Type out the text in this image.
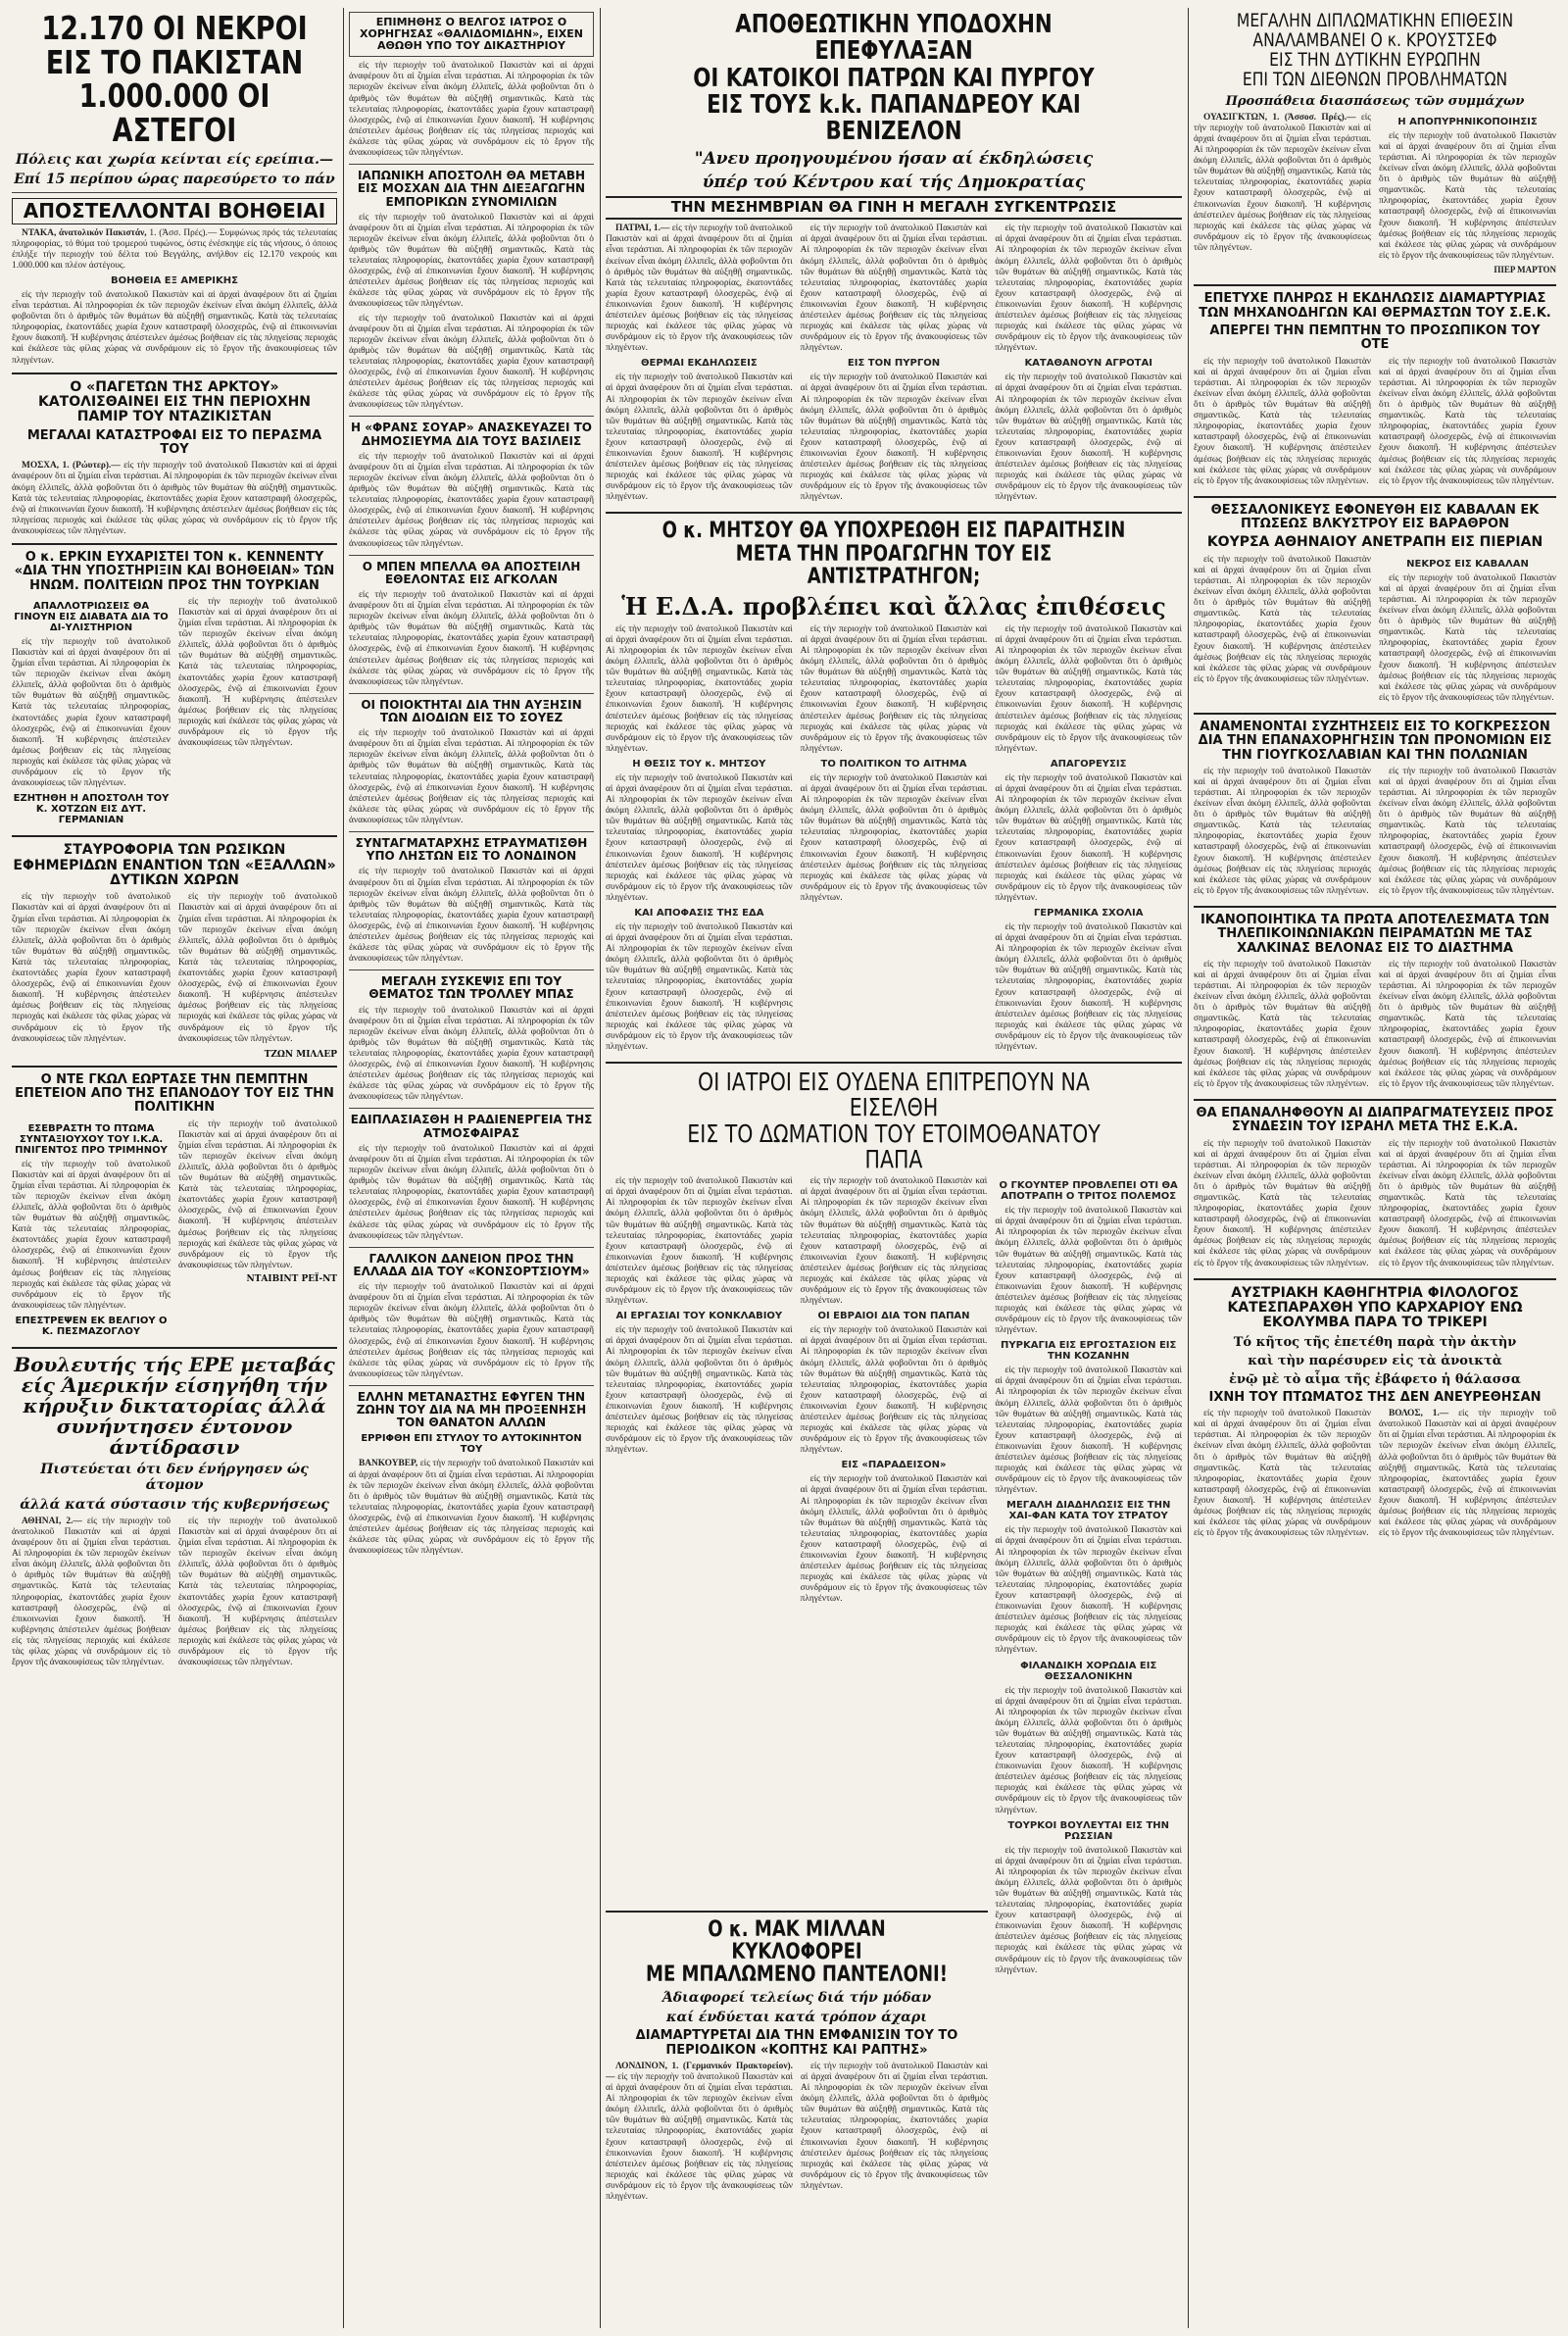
12.170 ΟΙ ΝΕΚΡΟΙ
ΕΙΣ ΤΟ ΠΑΚΙΣΤΑΝ
1.000.000 ΟΙ ΑΣΤΕΓΟΙ
Πόλεις και χωρία κείνται είς ερείπια.—
Επί 15 περίπου ώρας παρεσύρετο το πάν
ΑΠΟΣΤΕΛΛΟΝΤΑΙ ΒΟΗΘΕΙΑΙ

ΝΤΑΚΑ, άνατολικόν Πακιστάν, 1. (Άσσ. Πρές).— Συμφώνως πρός τάς τελευταίας πληροφορίας, τό θύμα τού τρομερού τυφώνος, όστις ένέσκηψε είς τάς νήσους, ό όποιος έπλήξε τήν περιοχήν τού δέλτα τού Βεγγάλης, ανήλθον είς 12.170 νεκρούς και 1.000.000 και πλέον άστέγους.

ΒΟΗΘΕΙΑ ΕΞ ΑΜΕΡΙΚΗΣ

εἰς τὴν περιοχὴν τοῦ ἀνατολικοῦ Πακιστὰν καὶ αἱ ἀρχαὶ ἀναφέρουν ὅτι αἱ ζημίαι εἶναι τεράστιαι. Αἱ πληροφορίαι ἐκ τῶν περιοχῶν ἐκείνων εἶναι ἀκόμη ἐλλιπεῖς, ἀλλὰ φοβοῦνται ὅτι ὁ ἀριθμὸς τῶν θυμάτων θὰ αὐξηθῇ σημαντικῶς. Κατὰ τὰς τελευταίας πληροφορίας, ἑκατοντάδες χωρία ἔχουν καταστραφῆ ὁλοσχερῶς, ἐνῷ αἱ ἐπικοινωνίαι ἔχουν διακοπῆ. Ἡ κυβέρνησις ἀπέστειλεν ἀμέσως βοήθειαν εἰς τὰς πληγείσας περιοχάς καὶ ἐκάλεσε τὰς φίλας χώρας νὰ συνδράμουν εἰς τὸ ἔργον τῆς ἀνακουφίσεως τῶν πληγέντων.

Ο «ΠΑΓΕΤΩΝ ΤΗΣ ΑΡΚΤΟΥ» ΚΑΤΟΛΙΣΘΑΙΝΕΙ ΕΙΣ ΤΗΝ ΠΕΡΙΟΧΗΝ ΠΑΜΙΡ ΤΟΥ ΝΤΑΖΙΚΙΣΤΑΝ
ΜΕΓΑΛΑΙ ΚΑΤΑΣΤΡΟΦΑΙ ΕΙΣ ΤΟ ΠΕΡΑΣΜΑ ΤΟΥ

ΜΟΣΧΑ, 1. (Ρώυτερ).— εἰς τὴν περιοχὴν τοῦ ἀνατολικοῦ Πακιστὰν καὶ αἱ ἀρχαὶ ἀναφέρουν ὅτι αἱ ζημίαι εἶναι τεράστιαι. Αἱ πληροφορίαι ἐκ τῶν περιοχῶν ἐκείνων εἶναι ἀκόμη ἐλλιπεῖς, ἀλλὰ φοβοῦνται ὅτι ὁ ἀριθμὸς τῶν θυμάτων θὰ αὐξηθῇ σημαντικῶς. Κατὰ τὰς τελευταίας πληροφορίας, ἑκατοντάδες χωρία ἔχουν καταστραφῆ ὁλοσχερῶς, ἐνῷ αἱ ἐπικοινωνίαι ἔχουν διακοπῆ. Ἡ κυβέρνησις ἀπέστειλεν ἀμέσως βοήθειαν εἰς τὰς πληγείσας περιοχάς καὶ ἐκάλεσε τὰς φίλας χώρας νὰ συνδράμουν εἰς τὸ ἔργον τῆς ἀνακουφίσεως τῶν πληγέντων.

Ο κ. ΕΡΚΙΝ ΕΥΧΑΡΙΣΤΕΙ ΤΟΝ κ. ΚΕΝΝΕΝΤΥ «ΔΙΑ ΤΗΝ ΥΠΟΣΤΗΡΙΞΙΝ ΚΑΙ ΒΟΗΘΕΙΑΝ» ΤΩΝ ΗΝΩΜ. ΠΟΛΙΤΕΙΩΝ ΠΡΟΣ ΤΗΝ ΤΟΥΡΚΙΑΝ
ΑΠΑΛΛΟΤΡΙΩΣΕΙΣ ΘΑ ΓΙΝΟΥΝ ΕΙΣ ΔΙΑΒΑΤΑ ΔΙΑ ΤΟ ΔΙ-ΥΛΙΣΤΗΡΙΟΝ

εἰς τὴν περιοχὴν τοῦ ἀνατολικοῦ Πακιστὰν καὶ αἱ ἀρχαὶ ἀναφέρουν ὅτι αἱ ζημίαι εἶναι τεράστιαι. Αἱ πληροφορίαι ἐκ τῶν περιοχῶν ἐκείνων εἶναι ἀκόμη ἐλλιπεῖς, ἀλλὰ φοβοῦνται ὅτι ὁ ἀριθμὸς τῶν θυμάτων θὰ αὐξηθῇ σημαντικῶς. Κατὰ τὰς τελευταίας πληροφορίας, ἑκατοντάδες χωρία ἔχουν καταστραφῆ ὁλοσχερῶς, ἐνῷ αἱ ἐπικοινωνίαι ἔχουν διακοπῆ. Ἡ κυβέρνησις ἀπέστειλεν ἀμέσως βοήθειαν εἰς τὰς πληγείσας περιοχάς καὶ ἐκάλεσε τὰς φίλας χώρας νὰ συνδράμουν εἰς τὸ ἔργον τῆς ἀνακουφίσεως τῶν πληγέντων.

ΕΖΗΤΗΘΗ Η ΑΠΟΣΤΟΛΗ ΤΟΥ Κ. ΧΟΤΖΩΝ ΕΙΣ ΔΥΤ. ΓΕΡΜΑΝΙΑΝ

εἰς τὴν περιοχὴν τοῦ ἀνατολικοῦ Πακιστὰν καὶ αἱ ἀρχαὶ ἀναφέρουν ὅτι αἱ ζημίαι εἶναι τεράστιαι. Αἱ πληροφορίαι ἐκ τῶν περιοχῶν ἐκείνων εἶναι ἀκόμη ἐλλιπεῖς, ἀλλὰ φοβοῦνται ὅτι ὁ ἀριθμὸς τῶν θυμάτων θὰ αὐξηθῇ σημαντικῶς. Κατὰ τὰς τελευταίας πληροφορίας, ἑκατοντάδες χωρία ἔχουν καταστραφῆ ὁλοσχερῶς, ἐνῷ αἱ ἐπικοινωνίαι ἔχουν διακοπῆ. Ἡ κυβέρνησις ἀπέστειλεν ἀμέσως βοήθειαν εἰς τὰς πληγείσας περιοχάς καὶ ἐκάλεσε τὰς φίλας χώρας νὰ συνδράμουν εἰς τὸ ἔργον τῆς ἀνακουφίσεως τῶν πληγέντων.

ΣΤΑΥΡΟΦΟΡΙΑ ΤΩΝ ΡΩΣΙΚΩΝ ΕΦΗΜΕΡΙΔΩΝ ΕΝΑΝΤΙΟΝ ΤΩΝ «ΕΞΑΛΛΩΝ» ΔΥΤΙΚΩΝ ΧΩΡΩΝ

εἰς τὴν περιοχὴν τοῦ ἀνατολικοῦ Πακιστὰν καὶ αἱ ἀρχαὶ ἀναφέρουν ὅτι αἱ ζημίαι εἶναι τεράστιαι. Αἱ πληροφορίαι ἐκ τῶν περιοχῶν ἐκείνων εἶναι ἀκόμη ἐλλιπεῖς, ἀλλὰ φοβοῦνται ὅτι ὁ ἀριθμὸς τῶν θυμάτων θὰ αὐξηθῇ σημαντικῶς. Κατὰ τὰς τελευταίας πληροφορίας, ἑκατοντάδες χωρία ἔχουν καταστραφῆ ὁλοσχερῶς, ἐνῷ αἱ ἐπικοινωνίαι ἔχουν διακοπῆ. Ἡ κυβέρνησις ἀπέστειλεν ἀμέσως βοήθειαν εἰς τὰς πληγείσας περιοχάς καὶ ἐκάλεσε τὰς φίλας χώρας νὰ συνδράμουν εἰς τὸ ἔργον τῆς ἀνακουφίσεως τῶν πληγέντων.

εἰς τὴν περιοχὴν τοῦ ἀνατολικοῦ Πακιστὰν καὶ αἱ ἀρχαὶ ἀναφέρουν ὅτι αἱ ζημίαι εἶναι τεράστιαι. Αἱ πληροφορίαι ἐκ τῶν περιοχῶν ἐκείνων εἶναι ἀκόμη ἐλλιπεῖς, ἀλλὰ φοβοῦνται ὅτι ὁ ἀριθμὸς τῶν θυμάτων θὰ αὐξηθῇ σημαντικῶς. Κατὰ τὰς τελευταίας πληροφορίας, ἑκατοντάδες χωρία ἔχουν καταστραφῆ ὁλοσχερῶς, ἐνῷ αἱ ἐπικοινωνίαι ἔχουν διακοπῆ. Ἡ κυβέρνησις ἀπέστειλεν ἀμέσως βοήθειαν εἰς τὰς πληγείσας περιοχάς καὶ ἐκάλεσε τὰς φίλας χώρας νὰ συνδράμουν εἰς τὸ ἔργον τῆς ἀνακουφίσεως τῶν πληγέντων.

ΤΖΩΝ ΜΙΛΛΕΡ
Ο ΝΤΕ ΓΚΩΛ ΕΩΡΤΑΣΕ ΤΗΝ ΠΕΜΠΤΗΝ ΕΠΕΤΕΙΟΝ ΑΠΟ ΤΗΣ ΕΠΑΝΟΔΟΥ ΤΟΥ ΕΙΣ ΤΗΝ ΠΟΛΙΤΙΚΗΝ
ΕΣΕΒΡΑΣΤΗ ΤΟ ΠΤΩΜΑ ΣΥΝΤΑΞΙΟΥΧΟΥ ΤΟΥ Ι.Κ.Α. ΠΝΙΓΕΝΤΟΣ ΠΡΟ ΤΡΙΜΗΝΟΥ

εἰς τὴν περιοχὴν τοῦ ἀνατολικοῦ Πακιστὰν καὶ αἱ ἀρχαὶ ἀναφέρουν ὅτι αἱ ζημίαι εἶναι τεράστιαι. Αἱ πληροφορίαι ἐκ τῶν περιοχῶν ἐκείνων εἶναι ἀκόμη ἐλλιπεῖς, ἀλλὰ φοβοῦνται ὅτι ὁ ἀριθμὸς τῶν θυμάτων θὰ αὐξηθῇ σημαντικῶς. Κατὰ τὰς τελευταίας πληροφορίας, ἑκατοντάδες χωρία ἔχουν καταστραφῆ ὁλοσχερῶς, ἐνῷ αἱ ἐπικοινωνίαι ἔχουν διακοπῆ. Ἡ κυβέρνησις ἀπέστειλεν ἀμέσως βοήθειαν εἰς τὰς πληγείσας περιοχάς καὶ ἐκάλεσε τὰς φίλας χώρας νὰ συνδράμουν εἰς τὸ ἔργον τῆς ἀνακουφίσεως τῶν πληγέντων.

ΕΠΕΣΤΡΕΨΕΝ ΕΚ ΒΕΛΓΙΟΥ Ο Κ. ΠΕΣΜΑΖΟΓΛΟΥ

εἰς τὴν περιοχὴν τοῦ ἀνατολικοῦ Πακιστὰν καὶ αἱ ἀρχαὶ ἀναφέρουν ὅτι αἱ ζημίαι εἶναι τεράστιαι. Αἱ πληροφορίαι ἐκ τῶν περιοχῶν ἐκείνων εἶναι ἀκόμη ἐλλιπεῖς, ἀλλὰ φοβοῦνται ὅτι ὁ ἀριθμὸς τῶν θυμάτων θὰ αὐξηθῇ σημαντικῶς. Κατὰ τὰς τελευταίας πληροφορίας, ἑκατοντάδες χωρία ἔχουν καταστραφῆ ὁλοσχερῶς, ἐνῷ αἱ ἐπικοινωνίαι ἔχουν διακοπῆ. Ἡ κυβέρνησις ἀπέστειλεν ἀμέσως βοήθειαν εἰς τὰς πληγείσας περιοχάς καὶ ἐκάλεσε τὰς φίλας χώρας νὰ συνδράμουν εἰς τὸ ἔργον τῆς ἀνακουφίσεως τῶν πληγέντων.

ΝΤΑΙΒΙΝΤ ΡΕΪ-ΝΤ
Βουλευτής τής ΕΡΕ μεταβάς είς Άμερικήν είσηγήθη τήν κήρυξιν δικτατορίας άλλά συνήντησεν έντονον άντίδρασιν
Πιστεύεται ότι δεν ένήργησεν ώς άτομον
άλλά κατά σύστασιν τής κυβερνήσεως

ΑΘΗΝΑΙ, 2.— εἰς τὴν περιοχὴν τοῦ ἀνατολικοῦ Πακιστὰν καὶ αἱ ἀρχαὶ ἀναφέρουν ὅτι αἱ ζημίαι εἶναι τεράστιαι. Αἱ πληροφορίαι ἐκ τῶν περιοχῶν ἐκείνων εἶναι ἀκόμη ἐλλιπεῖς, ἀλλὰ φοβοῦνται ὅτι ὁ ἀριθμὸς τῶν θυμάτων θὰ αὐξηθῇ σημαντικῶς. Κατὰ τὰς τελευταίας πληροφορίας, ἑκατοντάδες χωρία ἔχουν καταστραφῆ ὁλοσχερῶς, ἐνῷ αἱ ἐπικοινωνίαι ἔχουν διακοπῆ. Ἡ κυβέρνησις ἀπέστειλεν ἀμέσως βοήθειαν εἰς τὰς πληγείσας περιοχάς καὶ ἐκάλεσε τὰς φίλας χώρας νὰ συνδράμουν εἰς τὸ ἔργον τῆς ἀνακουφίσεως τῶν πληγέντων.

εἰς τὴν περιοχὴν τοῦ ἀνατολικοῦ Πακιστὰν καὶ αἱ ἀρχαὶ ἀναφέρουν ὅτι αἱ ζημίαι εἶναι τεράστιαι. Αἱ πληροφορίαι ἐκ τῶν περιοχῶν ἐκείνων εἶναι ἀκόμη ἐλλιπεῖς, ἀλλὰ φοβοῦνται ὅτι ὁ ἀριθμὸς τῶν θυμάτων θὰ αὐξηθῇ σημαντικῶς. Κατὰ τὰς τελευταίας πληροφορίας, ἑκατοντάδες χωρία ἔχουν καταστραφῆ ὁλοσχερῶς, ἐνῷ αἱ ἐπικοινωνίαι ἔχουν διακοπῆ. Ἡ κυβέρνησις ἀπέστειλεν ἀμέσως βοήθειαν εἰς τὰς πληγείσας περιοχάς καὶ ἐκάλεσε τὰς φίλας χώρας νὰ συνδράμουν εἰς τὸ ἔργον τῆς ἀνακουφίσεως τῶν πληγέντων.

ΕΠΙΜΗΘΗΣ Ο ΒΕΛΓΟΣ ΙΑΤΡΟΣ Ο ΧΟΡΗΓΗΣΑΣ «ΘΑΛΙΔΟΜΙΔΗΝ», ΕΙΧΕΝ ΑΘΩΘΗ ΥΠΟ ΤΟΥ ΔΙΚΑΣΤΗΡΙΟΥ

εἰς τὴν περιοχὴν τοῦ ἀνατολικοῦ Πακιστὰν καὶ αἱ ἀρχαὶ ἀναφέρουν ὅτι αἱ ζημίαι εἶναι τεράστιαι. Αἱ πληροφορίαι ἐκ τῶν περιοχῶν ἐκείνων εἶναι ἀκόμη ἐλλιπεῖς, ἀλλὰ φοβοῦνται ὅτι ὁ ἀριθμὸς τῶν θυμάτων θὰ αὐξηθῇ σημαντικῶς. Κατὰ τὰς τελευταίας πληροφορίας, ἑκατοντάδες χωρία ἔχουν καταστραφῆ ὁλοσχερῶς, ἐνῷ αἱ ἐπικοινωνίαι ἔχουν διακοπῆ. Ἡ κυβέρνησις ἀπέστειλεν ἀμέσως βοήθειαν εἰς τὰς πληγείσας περιοχάς καὶ ἐκάλεσε τὰς φίλας χώρας νὰ συνδράμουν εἰς τὸ ἔργον τῆς ἀνακουφίσεως τῶν πληγέντων.

ΙΑΠΩΝΙΚΗ ΑΠΟΣΤΟΛΗ ΘΑ ΜΕΤΑΒΗ ΕΙΣ ΜΟΣΧΑΝ ΔΙΑ ΤΗΝ ΔΙΕΞΑΓΩΓΗΝ ΕΜΠΟΡΙΚΩΝ ΣΥΝΟΜΙΛΙΩΝ

εἰς τὴν περιοχὴν τοῦ ἀνατολικοῦ Πακιστὰν καὶ αἱ ἀρχαὶ ἀναφέρουν ὅτι αἱ ζημίαι εἶναι τεράστιαι. Αἱ πληροφορίαι ἐκ τῶν περιοχῶν ἐκείνων εἶναι ἀκόμη ἐλλιπεῖς, ἀλλὰ φοβοῦνται ὅτι ὁ ἀριθμὸς τῶν θυμάτων θὰ αὐξηθῇ σημαντικῶς. Κατὰ τὰς τελευταίας πληροφορίας, ἑκατοντάδες χωρία ἔχουν καταστραφῆ ὁλοσχερῶς, ἐνῷ αἱ ἐπικοινωνίαι ἔχουν διακοπῆ. Ἡ κυβέρνησις ἀπέστειλεν ἀμέσως βοήθειαν εἰς τὰς πληγείσας περιοχάς καὶ ἐκάλεσε τὰς φίλας χώρας νὰ συνδράμουν εἰς τὸ ἔργον τῆς ἀνακουφίσεως τῶν πληγέντων.

εἰς τὴν περιοχὴν τοῦ ἀνατολικοῦ Πακιστὰν καὶ αἱ ἀρχαὶ ἀναφέρουν ὅτι αἱ ζημίαι εἶναι τεράστιαι. Αἱ πληροφορίαι ἐκ τῶν περιοχῶν ἐκείνων εἶναι ἀκόμη ἐλλιπεῖς, ἀλλὰ φοβοῦνται ὅτι ὁ ἀριθμὸς τῶν θυμάτων θὰ αὐξηθῇ σημαντικῶς. Κατὰ τὰς τελευταίας πληροφορίας, ἑκατοντάδες χωρία ἔχουν καταστραφῆ ὁλοσχερῶς, ἐνῷ αἱ ἐπικοινωνίαι ἔχουν διακοπῆ. Ἡ κυβέρνησις ἀπέστειλεν ἀμέσως βοήθειαν εἰς τὰς πληγείσας περιοχάς καὶ ἐκάλεσε τὰς φίλας χώρας νὰ συνδράμουν εἰς τὸ ἔργον τῆς ἀνακουφίσεως τῶν πληγέντων.

Η «ΦΡΑΝΣ ΣΟΥΑΡ» ΑΝΑΣΚΕΥΑΖΕΙ ΤΟ ΔΗΜΟΣΙΕΥΜΑ ΔΙΑ ΤΟΥΣ ΒΑΣΙΛΕΙΣ

εἰς τὴν περιοχὴν τοῦ ἀνατολικοῦ Πακιστὰν καὶ αἱ ἀρχαὶ ἀναφέρουν ὅτι αἱ ζημίαι εἶναι τεράστιαι. Αἱ πληροφορίαι ἐκ τῶν περιοχῶν ἐκείνων εἶναι ἀκόμη ἐλλιπεῖς, ἀλλὰ φοβοῦνται ὅτι ὁ ἀριθμὸς τῶν θυμάτων θὰ αὐξηθῇ σημαντικῶς. Κατὰ τὰς τελευταίας πληροφορίας, ἑκατοντάδες χωρία ἔχουν καταστραφῆ ὁλοσχερῶς, ἐνῷ αἱ ἐπικοινωνίαι ἔχουν διακοπῆ. Ἡ κυβέρνησις ἀπέστειλεν ἀμέσως βοήθειαν εἰς τὰς πληγείσας περιοχάς καὶ ἐκάλεσε τὰς φίλας χώρας νὰ συνδράμουν εἰς τὸ ἔργον τῆς ἀνακουφίσεως τῶν πληγέντων.

Ο ΜΠΕΝ ΜΠΕΛΛΑ ΘΑ ΑΠΟΣΤΕΙΛΗ ΕΘΕΛΟΝΤΑΣ ΕΙΣ ΑΓΚΟΛΑΝ

εἰς τὴν περιοχὴν τοῦ ἀνατολικοῦ Πακιστὰν καὶ αἱ ἀρχαὶ ἀναφέρουν ὅτι αἱ ζημίαι εἶναι τεράστιαι. Αἱ πληροφορίαι ἐκ τῶν περιοχῶν ἐκείνων εἶναι ἀκόμη ἐλλιπεῖς, ἀλλὰ φοβοῦνται ὅτι ὁ ἀριθμὸς τῶν θυμάτων θὰ αὐξηθῇ σημαντικῶς. Κατὰ τὰς τελευταίας πληροφορίας, ἑκατοντάδες χωρία ἔχουν καταστραφῆ ὁλοσχερῶς, ἐνῷ αἱ ἐπικοινωνίαι ἔχουν διακοπῆ. Ἡ κυβέρνησις ἀπέστειλεν ἀμέσως βοήθειαν εἰς τὰς πληγείσας περιοχάς καὶ ἐκάλεσε τὰς φίλας χώρας νὰ συνδράμουν εἰς τὸ ἔργον τῆς ἀνακουφίσεως τῶν πληγέντων.

ΟΙ ΠΟΙΟΚΤΗΤΑΙ ΔΙΑ ΤΗΝ ΑΥΞΗΣΙΝ ΤΩΝ ΔΙΟΔΙΩΝ ΕΙΣ ΤΟ ΣΟΥΕΖ

εἰς τὴν περιοχὴν τοῦ ἀνατολικοῦ Πακιστὰν καὶ αἱ ἀρχαὶ ἀναφέρουν ὅτι αἱ ζημίαι εἶναι τεράστιαι. Αἱ πληροφορίαι ἐκ τῶν περιοχῶν ἐκείνων εἶναι ἀκόμη ἐλλιπεῖς, ἀλλὰ φοβοῦνται ὅτι ὁ ἀριθμὸς τῶν θυμάτων θὰ αὐξηθῇ σημαντικῶς. Κατὰ τὰς τελευταίας πληροφορίας, ἑκατοντάδες χωρία ἔχουν καταστραφῆ ὁλοσχερῶς, ἐνῷ αἱ ἐπικοινωνίαι ἔχουν διακοπῆ. Ἡ κυβέρνησις ἀπέστειλεν ἀμέσως βοήθειαν εἰς τὰς πληγείσας περιοχάς καὶ ἐκάλεσε τὰς φίλας χώρας νὰ συνδράμουν εἰς τὸ ἔργον τῆς ἀνακουφίσεως τῶν πληγέντων.

ΣΥΝΤΑΓΜΑΤΑΡΧΗΣ ΕΤΡΑΥΜΑΤΙΣΘΗ ΥΠΟ ΛΗΣΤΩΝ ΕΙΣ ΤΟ ΛΟΝΔΙΝΟΝ

εἰς τὴν περιοχὴν τοῦ ἀνατολικοῦ Πακιστὰν καὶ αἱ ἀρχαὶ ἀναφέρουν ὅτι αἱ ζημίαι εἶναι τεράστιαι. Αἱ πληροφορίαι ἐκ τῶν περιοχῶν ἐκείνων εἶναι ἀκόμη ἐλλιπεῖς, ἀλλὰ φοβοῦνται ὅτι ὁ ἀριθμὸς τῶν θυμάτων θὰ αὐξηθῇ σημαντικῶς. Κατὰ τὰς τελευταίας πληροφορίας, ἑκατοντάδες χωρία ἔχουν καταστραφῆ ὁλοσχερῶς, ἐνῷ αἱ ἐπικοινωνίαι ἔχουν διακοπῆ. Ἡ κυβέρνησις ἀπέστειλεν ἀμέσως βοήθειαν εἰς τὰς πληγείσας περιοχάς καὶ ἐκάλεσε τὰς φίλας χώρας νὰ συνδράμουν εἰς τὸ ἔργον τῆς ἀνακουφίσεως τῶν πληγέντων.

ΜΕΓΑΛΗ ΣΥΣΚΕΨΙΣ ΕΠΙ ΤΟΥ ΘΕΜΑΤΟΣ ΤΩΝ ΤΡΟΛΛΕΥ ΜΠΑΣ

εἰς τὴν περιοχὴν τοῦ ἀνατολικοῦ Πακιστὰν καὶ αἱ ἀρχαὶ ἀναφέρουν ὅτι αἱ ζημίαι εἶναι τεράστιαι. Αἱ πληροφορίαι ἐκ τῶν περιοχῶν ἐκείνων εἶναι ἀκόμη ἐλλιπεῖς, ἀλλὰ φοβοῦνται ὅτι ὁ ἀριθμὸς τῶν θυμάτων θὰ αὐξηθῇ σημαντικῶς. Κατὰ τὰς τελευταίας πληροφορίας, ἑκατοντάδες χωρία ἔχουν καταστραφῆ ὁλοσχερῶς, ἐνῷ αἱ ἐπικοινωνίαι ἔχουν διακοπῆ. Ἡ κυβέρνησις ἀπέστειλεν ἀμέσως βοήθειαν εἰς τὰς πληγείσας περιοχάς καὶ ἐκάλεσε τὰς φίλας χώρας νὰ συνδράμουν εἰς τὸ ἔργον τῆς ἀνακουφίσεως τῶν πληγέντων.

ΕΔΙΠΛΑΣΙΑΣΘΗ Η ΡΑΔΙΕΝΕΡΓΕΙΑ ΤΗΣ ΑΤΜΟΣΦΑΙΡΑΣ

εἰς τὴν περιοχὴν τοῦ ἀνατολικοῦ Πακιστὰν καὶ αἱ ἀρχαὶ ἀναφέρουν ὅτι αἱ ζημίαι εἶναι τεράστιαι. Αἱ πληροφορίαι ἐκ τῶν περιοχῶν ἐκείνων εἶναι ἀκόμη ἐλλιπεῖς, ἀλλὰ φοβοῦνται ὅτι ὁ ἀριθμὸς τῶν θυμάτων θὰ αὐξηθῇ σημαντικῶς. Κατὰ τὰς τελευταίας πληροφορίας, ἑκατοντάδες χωρία ἔχουν καταστραφῆ ὁλοσχερῶς, ἐνῷ αἱ ἐπικοινωνίαι ἔχουν διακοπῆ. Ἡ κυβέρνησις ἀπέστειλεν ἀμέσως βοήθειαν εἰς τὰς πληγείσας περιοχάς καὶ ἐκάλεσε τὰς φίλας χώρας νὰ συνδράμουν εἰς τὸ ἔργον τῆς ἀνακουφίσεως τῶν πληγέντων.

ΓΑΛΛΙΚΟΝ ΔΑΝΕΙΟΝ ΠΡΟΣ ΤΗΝ ΕΛΛΑΔΑ ΔΙΑ ΤΟΥ «ΚΟΝΣΟΡΤΣΙΟΥΜ»

εἰς τὴν περιοχὴν τοῦ ἀνατολικοῦ Πακιστὰν καὶ αἱ ἀρχαὶ ἀναφέρουν ὅτι αἱ ζημίαι εἶναι τεράστιαι. Αἱ πληροφορίαι ἐκ τῶν περιοχῶν ἐκείνων εἶναι ἀκόμη ἐλλιπεῖς, ἀλλὰ φοβοῦνται ὅτι ὁ ἀριθμὸς τῶν θυμάτων θὰ αὐξηθῇ σημαντικῶς. Κατὰ τὰς τελευταίας πληροφορίας, ἑκατοντάδες χωρία ἔχουν καταστραφῆ ὁλοσχερῶς, ἐνῷ αἱ ἐπικοινωνίαι ἔχουν διακοπῆ. Ἡ κυβέρνησις ἀπέστειλεν ἀμέσως βοήθειαν εἰς τὰς πληγείσας περιοχάς καὶ ἐκάλεσε τὰς φίλας χώρας νὰ συνδράμουν εἰς τὸ ἔργον τῆς ἀνακουφίσεως τῶν πληγέντων.

ΕΛΛΗΝ ΜΕΤΑΝΑΣΤΗΣ ΕΦΥΓΕΝ ΤΗΝ ΖΩΗΝ ΤΟΥ ΔΙΑ ΝΑ ΜΗ ΠΡΟΞΕΝΗΣΗ ΤΟΝ ΘΑΝΑΤΟΝ ΑΛΛΩΝ
ΕΡΡΙΦΘΗ ΕΠΙ ΣΤΥΛΟΥ ΤΟ ΑΥΤΟΚΙΝΗΤΟΝ ΤΟΥ

ΒΑΝΚΟΥΒΕΡ, εἰς τὴν περιοχὴν τοῦ ἀνατολικοῦ Πακιστὰν καὶ αἱ ἀρχαὶ ἀναφέρουν ὅτι αἱ ζημίαι εἶναι τεράστιαι. Αἱ πληροφορίαι ἐκ τῶν περιοχῶν ἐκείνων εἶναι ἀκόμη ἐλλιπεῖς, ἀλλὰ φοβοῦνται ὅτι ὁ ἀριθμὸς τῶν θυμάτων θὰ αὐξηθῇ σημαντικῶς. Κατὰ τὰς τελευταίας πληροφορίας, ἑκατοντάδες χωρία ἔχουν καταστραφῆ ὁλοσχερῶς, ἐνῷ αἱ ἐπικοινωνίαι ἔχουν διακοπῆ. Ἡ κυβέρνησις ἀπέστειλεν ἀμέσως βοήθειαν εἰς τὰς πληγείσας περιοχάς καὶ ἐκάλεσε τὰς φίλας χώρας νὰ συνδράμουν εἰς τὸ ἔργον τῆς ἀνακουφίσεως τῶν πληγέντων.

ΑΠΟΘΕΩΤΙΚΗΝ ΥΠΟΔΟΧΗΝ ΕΠΕΦΥΛΑΞΑΝ
ΟΙ ΚΑΤΟΙΚΟΙ ΠΑΤΡΩΝ ΚΑΙ ΠΥΡΓΟΥ
ΕΙΣ ΤΟΥΣ k.k. ΠΑΠΑΝΔΡΕΟΥ ΚΑΙ ΒΕΝΙΖΕΛΟΝ
"Ανευ προηγουμένου ήσαν αί έκδηλώσεις
ύπέρ τού Κέντρου καί τής Δημοκρατίας
ΤΗΝ ΜΕΣΗΜΒΡΙΑΝ ΘΑ ΓΙΝΗ Η ΜΕΓΑΛΗ ΣΥΓΚΕΝΤΡΩΣΙΣ

ΠΑΤΡΑΙ, 1.— εἰς τὴν περιοχὴν τοῦ ἀνατολικοῦ Πακιστὰν καὶ αἱ ἀρχαὶ ἀναφέρουν ὅτι αἱ ζημίαι εἶναι τεράστιαι. Αἱ πληροφορίαι ἐκ τῶν περιοχῶν ἐκείνων εἶναι ἀκόμη ἐλλιπεῖς, ἀλλὰ φοβοῦνται ὅτι ὁ ἀριθμὸς τῶν θυμάτων θὰ αὐξηθῇ σημαντικῶς. Κατὰ τὰς τελευταίας πληροφορίας, ἑκατοντάδες χωρία ἔχουν καταστραφῆ ὁλοσχερῶς, ἐνῷ αἱ ἐπικοινωνίαι ἔχουν διακοπῆ. Ἡ κυβέρνησις ἀπέστειλεν ἀμέσως βοήθειαν εἰς τὰς πληγείσας περιοχάς καὶ ἐκάλεσε τὰς φίλας χώρας νὰ συνδράμουν εἰς τὸ ἔργον τῆς ἀνακουφίσεως τῶν πληγέντων.

ΘΕΡΜΑΙ ΕΚΔΗΛΩΣΕΙΣ

εἰς τὴν περιοχὴν τοῦ ἀνατολικοῦ Πακιστὰν καὶ αἱ ἀρχαὶ ἀναφέρουν ὅτι αἱ ζημίαι εἶναι τεράστιαι. Αἱ πληροφορίαι ἐκ τῶν περιοχῶν ἐκείνων εἶναι ἀκόμη ἐλλιπεῖς, ἀλλὰ φοβοῦνται ὅτι ὁ ἀριθμὸς τῶν θυμάτων θὰ αὐξηθῇ σημαντικῶς. Κατὰ τὰς τελευταίας πληροφορίας, ἑκατοντάδες χωρία ἔχουν καταστραφῆ ὁλοσχερῶς, ἐνῷ αἱ ἐπικοινωνίαι ἔχουν διακοπῆ. Ἡ κυβέρνησις ἀπέστειλεν ἀμέσως βοήθειαν εἰς τὰς πληγείσας περιοχάς καὶ ἐκάλεσε τὰς φίλας χώρας νὰ συνδράμουν εἰς τὸ ἔργον τῆς ἀνακουφίσεως τῶν πληγέντων.

εἰς τὴν περιοχὴν τοῦ ἀνατολικοῦ Πακιστὰν καὶ αἱ ἀρχαὶ ἀναφέρουν ὅτι αἱ ζημίαι εἶναι τεράστιαι. Αἱ πληροφορίαι ἐκ τῶν περιοχῶν ἐκείνων εἶναι ἀκόμη ἐλλιπεῖς, ἀλλὰ φοβοῦνται ὅτι ὁ ἀριθμὸς τῶν θυμάτων θὰ αὐξηθῇ σημαντικῶς. Κατὰ τὰς τελευταίας πληροφορίας, ἑκατοντάδες χωρία ἔχουν καταστραφῆ ὁλοσχερῶς, ἐνῷ αἱ ἐπικοινωνίαι ἔχουν διακοπῆ. Ἡ κυβέρνησις ἀπέστειλεν ἀμέσως βοήθειαν εἰς τὰς πληγείσας περιοχάς καὶ ἐκάλεσε τὰς φίλας χώρας νὰ συνδράμουν εἰς τὸ ἔργον τῆς ἀνακουφίσεως τῶν πληγέντων.

ΕΙΣ ΤΟΝ ΠΥΡΓΟΝ

εἰς τὴν περιοχὴν τοῦ ἀνατολικοῦ Πακιστὰν καὶ αἱ ἀρχαὶ ἀναφέρουν ὅτι αἱ ζημίαι εἶναι τεράστιαι. Αἱ πληροφορίαι ἐκ τῶν περιοχῶν ἐκείνων εἶναι ἀκόμη ἐλλιπεῖς, ἀλλὰ φοβοῦνται ὅτι ὁ ἀριθμὸς τῶν θυμάτων θὰ αὐξηθῇ σημαντικῶς. Κατὰ τὰς τελευταίας πληροφορίας, ἑκατοντάδες χωρία ἔχουν καταστραφῆ ὁλοσχερῶς, ἐνῷ αἱ ἐπικοινωνίαι ἔχουν διακοπῆ. Ἡ κυβέρνησις ἀπέστειλεν ἀμέσως βοήθειαν εἰς τὰς πληγείσας περιοχάς καὶ ἐκάλεσε τὰς φίλας χώρας νὰ συνδράμουν εἰς τὸ ἔργον τῆς ἀνακουφίσεως τῶν πληγέντων.

εἰς τὴν περιοχὴν τοῦ ἀνατολικοῦ Πακιστὰν καὶ αἱ ἀρχαὶ ἀναφέρουν ὅτι αἱ ζημίαι εἶναι τεράστιαι. Αἱ πληροφορίαι ἐκ τῶν περιοχῶν ἐκείνων εἶναι ἀκόμη ἐλλιπεῖς, ἀλλὰ φοβοῦνται ὅτι ὁ ἀριθμὸς τῶν θυμάτων θὰ αὐξηθῇ σημαντικῶς. Κατὰ τὰς τελευταίας πληροφορίας, ἑκατοντάδες χωρία ἔχουν καταστραφῆ ὁλοσχερῶς, ἐνῷ αἱ ἐπικοινωνίαι ἔχουν διακοπῆ. Ἡ κυβέρνησις ἀπέστειλεν ἀμέσως βοήθειαν εἰς τὰς πληγείσας περιοχάς καὶ ἐκάλεσε τὰς φίλας χώρας νὰ συνδράμουν εἰς τὸ ἔργον τῆς ἀνακουφίσεως τῶν πληγέντων.

ΚΑΤΑΘΑΝΟΥΝ ΑΓΡΟΤΑΙ

εἰς τὴν περιοχὴν τοῦ ἀνατολικοῦ Πακιστὰν καὶ αἱ ἀρχαὶ ἀναφέρουν ὅτι αἱ ζημίαι εἶναι τεράστιαι. Αἱ πληροφορίαι ἐκ τῶν περιοχῶν ἐκείνων εἶναι ἀκόμη ἐλλιπεῖς, ἀλλὰ φοβοῦνται ὅτι ὁ ἀριθμὸς τῶν θυμάτων θὰ αὐξηθῇ σημαντικῶς. Κατὰ τὰς τελευταίας πληροφορίας, ἑκατοντάδες χωρία ἔχουν καταστραφῆ ὁλοσχερῶς, ἐνῷ αἱ ἐπικοινωνίαι ἔχουν διακοπῆ. Ἡ κυβέρνησις ἀπέστειλεν ἀμέσως βοήθειαν εἰς τὰς πληγείσας περιοχάς καὶ ἐκάλεσε τὰς φίλας χώρας νὰ συνδράμουν εἰς τὸ ἔργον τῆς ἀνακουφίσεως τῶν πληγέντων.

Ο κ. ΜΗΤΣΟΥ ΘΑ ΥΠΟΧΡΕΩΘΗ ΕΙΣ ΠΑΡΑΙΤΗΣΙΝ
ΜΕΤΑ ΤΗΝ ΠΡΟΑΓΩΓΗΝ ΤΟΥ ΕΙΣ ΑΝΤΙΣΤΡΑΤΗΓΟΝ;
Ἡ Ε.Δ.Α. προβλέπει καὶ ἄλλας ἐπιθέσεις

εἰς τὴν περιοχὴν τοῦ ἀνατολικοῦ Πακιστὰν καὶ αἱ ἀρχαὶ ἀναφέρουν ὅτι αἱ ζημίαι εἶναι τεράστιαι. Αἱ πληροφορίαι ἐκ τῶν περιοχῶν ἐκείνων εἶναι ἀκόμη ἐλλιπεῖς, ἀλλὰ φοβοῦνται ὅτι ὁ ἀριθμὸς τῶν θυμάτων θὰ αὐξηθῇ σημαντικῶς. Κατὰ τὰς τελευταίας πληροφορίας, ἑκατοντάδες χωρία ἔχουν καταστραφῆ ὁλοσχερῶς, ἐνῷ αἱ ἐπικοινωνίαι ἔχουν διακοπῆ. Ἡ κυβέρνησις ἀπέστειλεν ἀμέσως βοήθειαν εἰς τὰς πληγείσας περιοχάς καὶ ἐκάλεσε τὰς φίλας χώρας νὰ συνδράμουν εἰς τὸ ἔργον τῆς ἀνακουφίσεως τῶν πληγέντων.

Η ΘΕΣΙΣ ΤΟΥ κ. ΜΗΤΣΟΥ

εἰς τὴν περιοχὴν τοῦ ἀνατολικοῦ Πακιστὰν καὶ αἱ ἀρχαὶ ἀναφέρουν ὅτι αἱ ζημίαι εἶναι τεράστιαι. Αἱ πληροφορίαι ἐκ τῶν περιοχῶν ἐκείνων εἶναι ἀκόμη ἐλλιπεῖς, ἀλλὰ φοβοῦνται ὅτι ὁ ἀριθμὸς τῶν θυμάτων θὰ αὐξηθῇ σημαντικῶς. Κατὰ τὰς τελευταίας πληροφορίας, ἑκατοντάδες χωρία ἔχουν καταστραφῆ ὁλοσχερῶς, ἐνῷ αἱ ἐπικοινωνίαι ἔχουν διακοπῆ. Ἡ κυβέρνησις ἀπέστειλεν ἀμέσως βοήθειαν εἰς τὰς πληγείσας περιοχάς καὶ ἐκάλεσε τὰς φίλας χώρας νὰ συνδράμουν εἰς τὸ ἔργον τῆς ἀνακουφίσεως τῶν πληγέντων.

ΚΑΙ ΑΠΟΦΑΣΙΣ ΤΗΣ ΕΔΑ

εἰς τὴν περιοχὴν τοῦ ἀνατολικοῦ Πακιστὰν καὶ αἱ ἀρχαὶ ἀναφέρουν ὅτι αἱ ζημίαι εἶναι τεράστιαι. Αἱ πληροφορίαι ἐκ τῶν περιοχῶν ἐκείνων εἶναι ἀκόμη ἐλλιπεῖς, ἀλλὰ φοβοῦνται ὅτι ὁ ἀριθμὸς τῶν θυμάτων θὰ αὐξηθῇ σημαντικῶς. Κατὰ τὰς τελευταίας πληροφορίας, ἑκατοντάδες χωρία ἔχουν καταστραφῆ ὁλοσχερῶς, ἐνῷ αἱ ἐπικοινωνίαι ἔχουν διακοπῆ. Ἡ κυβέρνησις ἀπέστειλεν ἀμέσως βοήθειαν εἰς τὰς πληγείσας περιοχάς καὶ ἐκάλεσε τὰς φίλας χώρας νὰ συνδράμουν εἰς τὸ ἔργον τῆς ἀνακουφίσεως τῶν πληγέντων.

εἰς τὴν περιοχὴν τοῦ ἀνατολικοῦ Πακιστὰν καὶ αἱ ἀρχαὶ ἀναφέρουν ὅτι αἱ ζημίαι εἶναι τεράστιαι. Αἱ πληροφορίαι ἐκ τῶν περιοχῶν ἐκείνων εἶναι ἀκόμη ἐλλιπεῖς, ἀλλὰ φοβοῦνται ὅτι ὁ ἀριθμὸς τῶν θυμάτων θὰ αὐξηθῇ σημαντικῶς. Κατὰ τὰς τελευταίας πληροφορίας, ἑκατοντάδες χωρία ἔχουν καταστραφῆ ὁλοσχερῶς, ἐνῷ αἱ ἐπικοινωνίαι ἔχουν διακοπῆ. Ἡ κυβέρνησις ἀπέστειλεν ἀμέσως βοήθειαν εἰς τὰς πληγείσας περιοχάς καὶ ἐκάλεσε τὰς φίλας χώρας νὰ συνδράμουν εἰς τὸ ἔργον τῆς ἀνακουφίσεως τῶν πληγέντων.

ΤΟ ΠΟΛΙΤΙΚΟΝ ΤΟ ΑΙΤΗΜΑ

εἰς τὴν περιοχὴν τοῦ ἀνατολικοῦ Πακιστὰν καὶ αἱ ἀρχαὶ ἀναφέρουν ὅτι αἱ ζημίαι εἶναι τεράστιαι. Αἱ πληροφορίαι ἐκ τῶν περιοχῶν ἐκείνων εἶναι ἀκόμη ἐλλιπεῖς, ἀλλὰ φοβοῦνται ὅτι ὁ ἀριθμὸς τῶν θυμάτων θὰ αὐξηθῇ σημαντικῶς. Κατὰ τὰς τελευταίας πληροφορίας, ἑκατοντάδες χωρία ἔχουν καταστραφῆ ὁλοσχερῶς, ἐνῷ αἱ ἐπικοινωνίαι ἔχουν διακοπῆ. Ἡ κυβέρνησις ἀπέστειλεν ἀμέσως βοήθειαν εἰς τὰς πληγείσας περιοχάς καὶ ἐκάλεσε τὰς φίλας χώρας νὰ συνδράμουν εἰς τὸ ἔργον τῆς ἀνακουφίσεως τῶν πληγέντων.

εἰς τὴν περιοχὴν τοῦ ἀνατολικοῦ Πακιστὰν καὶ αἱ ἀρχαὶ ἀναφέρουν ὅτι αἱ ζημίαι εἶναι τεράστιαι. Αἱ πληροφορίαι ἐκ τῶν περιοχῶν ἐκείνων εἶναι ἀκόμη ἐλλιπεῖς, ἀλλὰ φοβοῦνται ὅτι ὁ ἀριθμὸς τῶν θυμάτων θὰ αὐξηθῇ σημαντικῶς. Κατὰ τὰς τελευταίας πληροφορίας, ἑκατοντάδες χωρία ἔχουν καταστραφῆ ὁλοσχερῶς, ἐνῷ αἱ ἐπικοινωνίαι ἔχουν διακοπῆ. Ἡ κυβέρνησις ἀπέστειλεν ἀμέσως βοήθειαν εἰς τὰς πληγείσας περιοχάς καὶ ἐκάλεσε τὰς φίλας χώρας νὰ συνδράμουν εἰς τὸ ἔργον τῆς ἀνακουφίσεως τῶν πληγέντων.

ΑΠΑΓΟΡΕΥΣΙΣ

εἰς τὴν περιοχὴν τοῦ ἀνατολικοῦ Πακιστὰν καὶ αἱ ἀρχαὶ ἀναφέρουν ὅτι αἱ ζημίαι εἶναι τεράστιαι. Αἱ πληροφορίαι ἐκ τῶν περιοχῶν ἐκείνων εἶναι ἀκόμη ἐλλιπεῖς, ἀλλὰ φοβοῦνται ὅτι ὁ ἀριθμὸς τῶν θυμάτων θὰ αὐξηθῇ σημαντικῶς. Κατὰ τὰς τελευταίας πληροφορίας, ἑκατοντάδες χωρία ἔχουν καταστραφῆ ὁλοσχερῶς, ἐνῷ αἱ ἐπικοινωνίαι ἔχουν διακοπῆ. Ἡ κυβέρνησις ἀπέστειλεν ἀμέσως βοήθειαν εἰς τὰς πληγείσας περιοχάς καὶ ἐκάλεσε τὰς φίλας χώρας νὰ συνδράμουν εἰς τὸ ἔργον τῆς ἀνακουφίσεως τῶν πληγέντων.

ΓΕΡΜΑΝΙΚΑ ΣΧΟΛΙΑ

εἰς τὴν περιοχὴν τοῦ ἀνατολικοῦ Πακιστὰν καὶ αἱ ἀρχαὶ ἀναφέρουν ὅτι αἱ ζημίαι εἶναι τεράστιαι. Αἱ πληροφορίαι ἐκ τῶν περιοχῶν ἐκείνων εἶναι ἀκόμη ἐλλιπεῖς, ἀλλὰ φοβοῦνται ὅτι ὁ ἀριθμὸς τῶν θυμάτων θὰ αὐξηθῇ σημαντικῶς. Κατὰ τὰς τελευταίας πληροφορίας, ἑκατοντάδες χωρία ἔχουν καταστραφῆ ὁλοσχερῶς, ἐνῷ αἱ ἐπικοινωνίαι ἔχουν διακοπῆ. Ἡ κυβέρνησις ἀπέστειλεν ἀμέσως βοήθειαν εἰς τὰς πληγείσας περιοχάς καὶ ἐκάλεσε τὰς φίλας χώρας νὰ συνδράμουν εἰς τὸ ἔργον τῆς ἀνακουφίσεως τῶν πληγέντων.

ΟΙ ΙΑΤΡΟΙ ΕΙΣ ΟΥΔΕΝΑ ΕΠΙΤΡΕΠΟΥΝ ΝΑ ΕΙΣΕΛΘΗ
ΕΙΣ ΤΟ ΔΩΜΑΤΙΟΝ ΤΟΥ ΕΤΟΙΜΟΘΑΝΑΤΟΥ ΠΑΠΑ

εἰς τὴν περιοχὴν τοῦ ἀνατολικοῦ Πακιστὰν καὶ αἱ ἀρχαὶ ἀναφέρουν ὅτι αἱ ζημίαι εἶναι τεράστιαι. Αἱ πληροφορίαι ἐκ τῶν περιοχῶν ἐκείνων εἶναι ἀκόμη ἐλλιπεῖς, ἀλλὰ φοβοῦνται ὅτι ὁ ἀριθμὸς τῶν θυμάτων θὰ αὐξηθῇ σημαντικῶς. Κατὰ τὰς τελευταίας πληροφορίας, ἑκατοντάδες χωρία ἔχουν καταστραφῆ ὁλοσχερῶς, ἐνῷ αἱ ἐπικοινωνίαι ἔχουν διακοπῆ. Ἡ κυβέρνησις ἀπέστειλεν ἀμέσως βοήθειαν εἰς τὰς πληγείσας περιοχάς καὶ ἐκάλεσε τὰς φίλας χώρας νὰ συνδράμουν εἰς τὸ ἔργον τῆς ἀνακουφίσεως τῶν πληγέντων.

ΑΙ ΕΡΓΑΣΙΑΙ ΤΟΥ ΚΟΝΚΛΑΒΙΟΥ

εἰς τὴν περιοχὴν τοῦ ἀνατολικοῦ Πακιστὰν καὶ αἱ ἀρχαὶ ἀναφέρουν ὅτι αἱ ζημίαι εἶναι τεράστιαι. Αἱ πληροφορίαι ἐκ τῶν περιοχῶν ἐκείνων εἶναι ἀκόμη ἐλλιπεῖς, ἀλλὰ φοβοῦνται ὅτι ὁ ἀριθμὸς τῶν θυμάτων θὰ αὐξηθῇ σημαντικῶς. Κατὰ τὰς τελευταίας πληροφορίας, ἑκατοντάδες χωρία ἔχουν καταστραφῆ ὁλοσχερῶς, ἐνῷ αἱ ἐπικοινωνίαι ἔχουν διακοπῆ. Ἡ κυβέρνησις ἀπέστειλεν ἀμέσως βοήθειαν εἰς τὰς πληγείσας περιοχάς καὶ ἐκάλεσε τὰς φίλας χώρας νὰ συνδράμουν εἰς τὸ ἔργον τῆς ἀνακουφίσεως τῶν πληγέντων.

εἰς τὴν περιοχὴν τοῦ ἀνατολικοῦ Πακιστὰν καὶ αἱ ἀρχαὶ ἀναφέρουν ὅτι αἱ ζημίαι εἶναι τεράστιαι. Αἱ πληροφορίαι ἐκ τῶν περιοχῶν ἐκείνων εἶναι ἀκόμη ἐλλιπεῖς, ἀλλὰ φοβοῦνται ὅτι ὁ ἀριθμὸς τῶν θυμάτων θὰ αὐξηθῇ σημαντικῶς. Κατὰ τὰς τελευταίας πληροφορίας, ἑκατοντάδες χωρία ἔχουν καταστραφῆ ὁλοσχερῶς, ἐνῷ αἱ ἐπικοινωνίαι ἔχουν διακοπῆ. Ἡ κυβέρνησις ἀπέστειλεν ἀμέσως βοήθειαν εἰς τὰς πληγείσας περιοχάς καὶ ἐκάλεσε τὰς φίλας χώρας νὰ συνδράμουν εἰς τὸ ἔργον τῆς ἀνακουφίσεως τῶν πληγέντων.

ΟΙ ΕΒΡΑΙΟΙ ΔΙΑ ΤΟΝ ΠΑΠΑΝ

εἰς τὴν περιοχὴν τοῦ ἀνατολικοῦ Πακιστὰν καὶ αἱ ἀρχαὶ ἀναφέρουν ὅτι αἱ ζημίαι εἶναι τεράστιαι. Αἱ πληροφορίαι ἐκ τῶν περιοχῶν ἐκείνων εἶναι ἀκόμη ἐλλιπεῖς, ἀλλὰ φοβοῦνται ὅτι ὁ ἀριθμὸς τῶν θυμάτων θὰ αὐξηθῇ σημαντικῶς. Κατὰ τὰς τελευταίας πληροφορίας, ἑκατοντάδες χωρία ἔχουν καταστραφῆ ὁλοσχερῶς, ἐνῷ αἱ ἐπικοινωνίαι ἔχουν διακοπῆ. Ἡ κυβέρνησις ἀπέστειλεν ἀμέσως βοήθειαν εἰς τὰς πληγείσας περιοχάς καὶ ἐκάλεσε τὰς φίλας χώρας νὰ συνδράμουν εἰς τὸ ἔργον τῆς ἀνακουφίσεως τῶν πληγέντων.

ΕΙΣ «ΠΑΡΑΔΕΙΣΟΝ»

εἰς τὴν περιοχὴν τοῦ ἀνατολικοῦ Πακιστὰν καὶ αἱ ἀρχαὶ ἀναφέρουν ὅτι αἱ ζημίαι εἶναι τεράστιαι. Αἱ πληροφορίαι ἐκ τῶν περιοχῶν ἐκείνων εἶναι ἀκόμη ἐλλιπεῖς, ἀλλὰ φοβοῦνται ὅτι ὁ ἀριθμὸς τῶν θυμάτων θὰ αὐξηθῇ σημαντικῶς. Κατὰ τὰς τελευταίας πληροφορίας, ἑκατοντάδες χωρία ἔχουν καταστραφῆ ὁλοσχερῶς, ἐνῷ αἱ ἐπικοινωνίαι ἔχουν διακοπῆ. Ἡ κυβέρνησις ἀπέστειλεν ἀμέσως βοήθειαν εἰς τὰς πληγείσας περιοχάς καὶ ἐκάλεσε τὰς φίλας χώρας νὰ συνδράμουν εἰς τὸ ἔργον τῆς ἀνακουφίσεως τῶν πληγέντων.

Ο ΓΚΟΥΝΤΕΡ ΠΡΟΒΛΕΠΕΙ ΟΤΙ ΘΑ ΑΠΟΤΡΑΠΗ Ο ΤΡΙΤΟΣ ΠΟΛΕΜΟΣ

εἰς τὴν περιοχὴν τοῦ ἀνατολικοῦ Πακιστὰν καὶ αἱ ἀρχαὶ ἀναφέρουν ὅτι αἱ ζημίαι εἶναι τεράστιαι. Αἱ πληροφορίαι ἐκ τῶν περιοχῶν ἐκείνων εἶναι ἀκόμη ἐλλιπεῖς, ἀλλὰ φοβοῦνται ὅτι ὁ ἀριθμὸς τῶν θυμάτων θὰ αὐξηθῇ σημαντικῶς. Κατὰ τὰς τελευταίας πληροφορίας, ἑκατοντάδες χωρία ἔχουν καταστραφῆ ὁλοσχερῶς, ἐνῷ αἱ ἐπικοινωνίαι ἔχουν διακοπῆ. Ἡ κυβέρνησις ἀπέστειλεν ἀμέσως βοήθειαν εἰς τὰς πληγείσας περιοχάς καὶ ἐκάλεσε τὰς φίλας χώρας νὰ συνδράμουν εἰς τὸ ἔργον τῆς ἀνακουφίσεως τῶν πληγέντων.

ΠΥΡΚΑΓΙΑ ΕΙΣ ΕΡΓΟΣΤΑΣΙΟΝ ΕΙΣ ΤΗΝ ΚΟΖΑΝΗΝ

εἰς τὴν περιοχὴν τοῦ ἀνατολικοῦ Πακιστὰν καὶ αἱ ἀρχαὶ ἀναφέρουν ὅτι αἱ ζημίαι εἶναι τεράστιαι. Αἱ πληροφορίαι ἐκ τῶν περιοχῶν ἐκείνων εἶναι ἀκόμη ἐλλιπεῖς, ἀλλὰ φοβοῦνται ὅτι ὁ ἀριθμὸς τῶν θυμάτων θὰ αὐξηθῇ σημαντικῶς. Κατὰ τὰς τελευταίας πληροφορίας, ἑκατοντάδες χωρία ἔχουν καταστραφῆ ὁλοσχερῶς, ἐνῷ αἱ ἐπικοινωνίαι ἔχουν διακοπῆ. Ἡ κυβέρνησις ἀπέστειλεν ἀμέσως βοήθειαν εἰς τὰς πληγείσας περιοχάς καὶ ἐκάλεσε τὰς φίλας χώρας νὰ συνδράμουν εἰς τὸ ἔργον τῆς ἀνακουφίσεως τῶν πληγέντων.

ΜΕΓΑΛΗ ΔΙΑΔΗΛΩΣΙΣ ΕΙΣ ΤΗΝ ΧΑΙ-ΦΑΝ ΚΑΤΑ ΤΟΥ ΣΤΡΑΤΟΥ

εἰς τὴν περιοχὴν τοῦ ἀνατολικοῦ Πακιστὰν καὶ αἱ ἀρχαὶ ἀναφέρουν ὅτι αἱ ζημίαι εἶναι τεράστιαι. Αἱ πληροφορίαι ἐκ τῶν περιοχῶν ἐκείνων εἶναι ἀκόμη ἐλλιπεῖς, ἀλλὰ φοβοῦνται ὅτι ὁ ἀριθμὸς τῶν θυμάτων θὰ αὐξηθῇ σημαντικῶς. Κατὰ τὰς τελευταίας πληροφορίας, ἑκατοντάδες χωρία ἔχουν καταστραφῆ ὁλοσχερῶς, ἐνῷ αἱ ἐπικοινωνίαι ἔχουν διακοπῆ. Ἡ κυβέρνησις ἀπέστειλεν ἀμέσως βοήθειαν εἰς τὰς πληγείσας περιοχάς καὶ ἐκάλεσε τὰς φίλας χώρας νὰ συνδράμουν εἰς τὸ ἔργον τῆς ἀνακουφίσεως τῶν πληγέντων.

ΦΙΛΑΝΔΙΚΗ ΧΟΡΩΔΙΑ ΕΙΣ ΘΕΣΣΑΛΟΝΙΚΗΝ

εἰς τὴν περιοχὴν τοῦ ἀνατολικοῦ Πακιστὰν καὶ αἱ ἀρχαὶ ἀναφέρουν ὅτι αἱ ζημίαι εἶναι τεράστιαι. Αἱ πληροφορίαι ἐκ τῶν περιοχῶν ἐκείνων εἶναι ἀκόμη ἐλλιπεῖς, ἀλλὰ φοβοῦνται ὅτι ὁ ἀριθμὸς τῶν θυμάτων θὰ αὐξηθῇ σημαντικῶς. Κατὰ τὰς τελευταίας πληροφορίας, ἑκατοντάδες χωρία ἔχουν καταστραφῆ ὁλοσχερῶς, ἐνῷ αἱ ἐπικοινωνίαι ἔχουν διακοπῆ. Ἡ κυβέρνησις ἀπέστειλεν ἀμέσως βοήθειαν εἰς τὰς πληγείσας περιοχάς καὶ ἐκάλεσε τὰς φίλας χώρας νὰ συνδράμουν εἰς τὸ ἔργον τῆς ἀνακουφίσεως τῶν πληγέντων.

ΤΟΥΡΚΟΙ ΒΟΥΛΕΥΤΑΙ ΕΙΣ ΤΗΝ ΡΩΣΣΙΑΝ

εἰς τὴν περιοχὴν τοῦ ἀνατολικοῦ Πακιστὰν καὶ αἱ ἀρχαὶ ἀναφέρουν ὅτι αἱ ζημίαι εἶναι τεράστιαι. Αἱ πληροφορίαι ἐκ τῶν περιοχῶν ἐκείνων εἶναι ἀκόμη ἐλλιπεῖς, ἀλλὰ φοβοῦνται ὅτι ὁ ἀριθμὸς τῶν θυμάτων θὰ αὐξηθῇ σημαντικῶς. Κατὰ τὰς τελευταίας πληροφορίας, ἑκατοντάδες χωρία ἔχουν καταστραφῆ ὁλοσχερῶς, ἐνῷ αἱ ἐπικοινωνίαι ἔχουν διακοπῆ. Ἡ κυβέρνησις ἀπέστειλεν ἀμέσως βοήθειαν εἰς τὰς πληγείσας περιοχάς καὶ ἐκάλεσε τὰς φίλας χώρας νὰ συνδράμουν εἰς τὸ ἔργον τῆς ἀνακουφίσεως τῶν πληγέντων.

Ο κ. ΜΑΚ ΜΙΛΛΑΝ ΚΥΚΛΟΦΟΡΕΙ
ΜΕ ΜΠΑΛΩΜΕΝΟ ΠΑΝΤΕΛΟΝΙ!
Άδιαφορεί τελείως διά τήν μόδαν
καί ένδύεται κατά τρόπον άχαρι
ΔΙΑΜΑΡΤΥΡΕΤΑΙ ΔΙΑ ΤΗΝ ΕΜΦΑΝΙΣΙΝ ΤΟΥ ΤΟ ΠΕΡΙΟΔΙΚΟΝ «ΚΟΠΤΗΣ ΚΑΙ ΡΑΠΤΗΣ»

ΛΟΝΔΙΝΟΝ, 1. (Γερμανικόν Πρακτορείον).— εἰς τὴν περιοχὴν τοῦ ἀνατολικοῦ Πακιστὰν καὶ αἱ ἀρχαὶ ἀναφέρουν ὅτι αἱ ζημίαι εἶναι τεράστιαι. Αἱ πληροφορίαι ἐκ τῶν περιοχῶν ἐκείνων εἶναι ἀκόμη ἐλλιπεῖς, ἀλλὰ φοβοῦνται ὅτι ὁ ἀριθμὸς τῶν θυμάτων θὰ αὐξηθῇ σημαντικῶς. Κατὰ τὰς τελευταίας πληροφορίας, ἑκατοντάδες χωρία ἔχουν καταστραφῆ ὁλοσχερῶς, ἐνῷ αἱ ἐπικοινωνίαι ἔχουν διακοπῆ. Ἡ κυβέρνησις ἀπέστειλεν ἀμέσως βοήθειαν εἰς τὰς πληγείσας περιοχάς καὶ ἐκάλεσε τὰς φίλας χώρας νὰ συνδράμουν εἰς τὸ ἔργον τῆς ἀνακουφίσεως τῶν πληγέντων.

εἰς τὴν περιοχὴν τοῦ ἀνατολικοῦ Πακιστὰν καὶ αἱ ἀρχαὶ ἀναφέρουν ὅτι αἱ ζημίαι εἶναι τεράστιαι. Αἱ πληροφορίαι ἐκ τῶν περιοχῶν ἐκείνων εἶναι ἀκόμη ἐλλιπεῖς, ἀλλὰ φοβοῦνται ὅτι ὁ ἀριθμὸς τῶν θυμάτων θὰ αὐξηθῇ σημαντικῶς. Κατὰ τὰς τελευταίας πληροφορίας, ἑκατοντάδες χωρία ἔχουν καταστραφῆ ὁλοσχερῶς, ἐνῷ αἱ ἐπικοινωνίαι ἔχουν διακοπῆ. Ἡ κυβέρνησις ἀπέστειλεν ἀμέσως βοήθειαν εἰς τὰς πληγείσας περιοχάς καὶ ἐκάλεσε τὰς φίλας χώρας νὰ συνδράμουν εἰς τὸ ἔργον τῆς ἀνακουφίσεως τῶν πληγέντων.

ΜΕΓΑΛΗΝ ΔΙΠΛΩΜΑΤΙΚΗΝ ΕΠΙΘΕΣΙΝ
ΑΝΑΛΑΜΒΑΝΕΙ Ο κ. ΚΡΟΥΣΤΣΕΦ
ΕΙΣ ΤΗΝ ΔΥΤΙΚΗΝ ΕΥΡΩΠΗΝ
ΕΠΙ ΤΩΝ ΔΙΕΘΝΩΝ ΠΡΟΒΛΗΜΑΤΩΝ
Προσπάθεια διασπάσεως τῶν συμμάχων

ΟΥΑΣΙΓΚΤΩΝ, 1. (Άσσοσ. Πρές).— εἰς τὴν περιοχὴν τοῦ ἀνατολικοῦ Πακιστὰν καὶ αἱ ἀρχαὶ ἀναφέρουν ὅτι αἱ ζημίαι εἶναι τεράστιαι. Αἱ πληροφορίαι ἐκ τῶν περιοχῶν ἐκείνων εἶναι ἀκόμη ἐλλιπεῖς, ἀλλὰ φοβοῦνται ὅτι ὁ ἀριθμὸς τῶν θυμάτων θὰ αὐξηθῇ σημαντικῶς. Κατὰ τὰς τελευταίας πληροφορίας, ἑκατοντάδες χωρία ἔχουν καταστραφῆ ὁλοσχερῶς, ἐνῷ αἱ ἐπικοινωνίαι ἔχουν διακοπῆ. Ἡ κυβέρνησις ἀπέστειλεν ἀμέσως βοήθειαν εἰς τὰς πληγείσας περιοχάς καὶ ἐκάλεσε τὰς φίλας χώρας νὰ συνδράμουν εἰς τὸ ἔργον τῆς ἀνακουφίσεως τῶν πληγέντων.

Η ΑΠΟΠΥΡΗΝΙΚΟΠΟΙΗΣΙΣ

εἰς τὴν περιοχὴν τοῦ ἀνατολικοῦ Πακιστὰν καὶ αἱ ἀρχαὶ ἀναφέρουν ὅτι αἱ ζημίαι εἶναι τεράστιαι. Αἱ πληροφορίαι ἐκ τῶν περιοχῶν ἐκείνων εἶναι ἀκόμη ἐλλιπεῖς, ἀλλὰ φοβοῦνται ὅτι ὁ ἀριθμὸς τῶν θυμάτων θὰ αὐξηθῇ σημαντικῶς. Κατὰ τὰς τελευταίας πληροφορίας, ἑκατοντάδες χωρία ἔχουν καταστραφῆ ὁλοσχερῶς, ἐνῷ αἱ ἐπικοινωνίαι ἔχουν διακοπῆ. Ἡ κυβέρνησις ἀπέστειλεν ἀμέσως βοήθειαν εἰς τὰς πληγείσας περιοχάς καὶ ἐκάλεσε τὰς φίλας χώρας νὰ συνδράμουν εἰς τὸ ἔργον τῆς ἀνακουφίσεως τῶν πληγέντων.

ΠΙΕΡ ΜΑΡΤΟΝ
ΕΠΕΤΥΧΕ ΠΛΗΡΩΣ Η ΕΚΔΗΛΩΣΙΣ ΔΙΑΜΑΡΤΥΡΙΑΣ ΤΩΝ ΜΗΧΑΝΟΔΗΓΩΝ ΚΑΙ ΘΕΡΜΑΣΤΩΝ ΤΟΥ Σ.Ε.Κ.
ΑΠΕΡΓΕΙ ΤΗΝ ΠΕΜΠΤΗΝ ΤΟ ΠΡΟΣΩΠΙΚΟΝ ΤΟΥ ΟΤΕ

εἰς τὴν περιοχὴν τοῦ ἀνατολικοῦ Πακιστὰν καὶ αἱ ἀρχαὶ ἀναφέρουν ὅτι αἱ ζημίαι εἶναι τεράστιαι. Αἱ πληροφορίαι ἐκ τῶν περιοχῶν ἐκείνων εἶναι ἀκόμη ἐλλιπεῖς, ἀλλὰ φοβοῦνται ὅτι ὁ ἀριθμὸς τῶν θυμάτων θὰ αὐξηθῇ σημαντικῶς. Κατὰ τὰς τελευταίας πληροφορίας, ἑκατοντάδες χωρία ἔχουν καταστραφῆ ὁλοσχερῶς, ἐνῷ αἱ ἐπικοινωνίαι ἔχουν διακοπῆ. Ἡ κυβέρνησις ἀπέστειλεν ἀμέσως βοήθειαν εἰς τὰς πληγείσας περιοχάς καὶ ἐκάλεσε τὰς φίλας χώρας νὰ συνδράμουν εἰς τὸ ἔργον τῆς ἀνακουφίσεως τῶν πληγέντων.

εἰς τὴν περιοχὴν τοῦ ἀνατολικοῦ Πακιστὰν καὶ αἱ ἀρχαὶ ἀναφέρουν ὅτι αἱ ζημίαι εἶναι τεράστιαι. Αἱ πληροφορίαι ἐκ τῶν περιοχῶν ἐκείνων εἶναι ἀκόμη ἐλλιπεῖς, ἀλλὰ φοβοῦνται ὅτι ὁ ἀριθμὸς τῶν θυμάτων θὰ αὐξηθῇ σημαντικῶς. Κατὰ τὰς τελευταίας πληροφορίας, ἑκατοντάδες χωρία ἔχουν καταστραφῆ ὁλοσχερῶς, ἐνῷ αἱ ἐπικοινωνίαι ἔχουν διακοπῆ. Ἡ κυβέρνησις ἀπέστειλεν ἀμέσως βοήθειαν εἰς τὰς πληγείσας περιοχάς καὶ ἐκάλεσε τὰς φίλας χώρας νὰ συνδράμουν εἰς τὸ ἔργον τῆς ἀνακουφίσεως τῶν πληγέντων.

ΘΕΣΣΑΛΟΝΙΚΕΥΣ ΕΦΟΝΕΥΘΗ ΕΙΣ ΚΑΒΑΛΑΝ ΕΚ ΠΤΩΣΕΩΣ ΒΛΚΥΣΤΡΟΥ ΕΙΣ ΒΑΡΑΘΡΟΝ
ΚΟΥΡΣΑ ΑΘΗΝΑΙΟΥ ΑΝΕΤΡΑΠΗ ΕΙΣ ΠΙΕΡΙΑΝ

εἰς τὴν περιοχὴν τοῦ ἀνατολικοῦ Πακιστὰν καὶ αἱ ἀρχαὶ ἀναφέρουν ὅτι αἱ ζημίαι εἶναι τεράστιαι. Αἱ πληροφορίαι ἐκ τῶν περιοχῶν ἐκείνων εἶναι ἀκόμη ἐλλιπεῖς, ἀλλὰ φοβοῦνται ὅτι ὁ ἀριθμὸς τῶν θυμάτων θὰ αὐξηθῇ σημαντικῶς. Κατὰ τὰς τελευταίας πληροφορίας, ἑκατοντάδες χωρία ἔχουν καταστραφῆ ὁλοσχερῶς, ἐνῷ αἱ ἐπικοινωνίαι ἔχουν διακοπῆ. Ἡ κυβέρνησις ἀπέστειλεν ἀμέσως βοήθειαν εἰς τὰς πληγείσας περιοχάς καὶ ἐκάλεσε τὰς φίλας χώρας νὰ συνδράμουν εἰς τὸ ἔργον τῆς ἀνακουφίσεως τῶν πληγέντων.

ΝΕΚΡΟΣ ΕΙΣ ΚΑΒΑΛΑΝ

εἰς τὴν περιοχὴν τοῦ ἀνατολικοῦ Πακιστὰν καὶ αἱ ἀρχαὶ ἀναφέρουν ὅτι αἱ ζημίαι εἶναι τεράστιαι. Αἱ πληροφορίαι ἐκ τῶν περιοχῶν ἐκείνων εἶναι ἀκόμη ἐλλιπεῖς, ἀλλὰ φοβοῦνται ὅτι ὁ ἀριθμὸς τῶν θυμάτων θὰ αὐξηθῇ σημαντικῶς. Κατὰ τὰς τελευταίας πληροφορίας, ἑκατοντάδες χωρία ἔχουν καταστραφῆ ὁλοσχερῶς, ἐνῷ αἱ ἐπικοινωνίαι ἔχουν διακοπῆ. Ἡ κυβέρνησις ἀπέστειλεν ἀμέσως βοήθειαν εἰς τὰς πληγείσας περιοχάς καὶ ἐκάλεσε τὰς φίλας χώρας νὰ συνδράμουν εἰς τὸ ἔργον τῆς ἀνακουφίσεως τῶν πληγέντων.

ΑΝΑΜΕΝΟΝΤΑΙ ΣΥΖΗΤΗΣΕΙΣ ΕΙΣ ΤΟ ΚΟΓΚΡΕΣΣΟΝ ΔΙΑ ΤΗΝ ΕΠΑΝΑΧΟΡΗΓΗΣΙΝ ΤΩΝ ΠΡΟΝΟΜΙΩΝ ΕΙΣ ΤΗΝ ΓΙΟΥΓΚΟΣΛΑΒΙΑΝ ΚΑΙ ΤΗΝ ΠΟΛΩΝΙΑΝ

εἰς τὴν περιοχὴν τοῦ ἀνατολικοῦ Πακιστὰν καὶ αἱ ἀρχαὶ ἀναφέρουν ὅτι αἱ ζημίαι εἶναι τεράστιαι. Αἱ πληροφορίαι ἐκ τῶν περιοχῶν ἐκείνων εἶναι ἀκόμη ἐλλιπεῖς, ἀλλὰ φοβοῦνται ὅτι ὁ ἀριθμὸς τῶν θυμάτων θὰ αὐξηθῇ σημαντικῶς. Κατὰ τὰς τελευταίας πληροφορίας, ἑκατοντάδες χωρία ἔχουν καταστραφῆ ὁλοσχερῶς, ἐνῷ αἱ ἐπικοινωνίαι ἔχουν διακοπῆ. Ἡ κυβέρνησις ἀπέστειλεν ἀμέσως βοήθειαν εἰς τὰς πληγείσας περιοχάς καὶ ἐκάλεσε τὰς φίλας χώρας νὰ συνδράμουν εἰς τὸ ἔργον τῆς ἀνακουφίσεως τῶν πληγέντων.

εἰς τὴν περιοχὴν τοῦ ἀνατολικοῦ Πακιστὰν καὶ αἱ ἀρχαὶ ἀναφέρουν ὅτι αἱ ζημίαι εἶναι τεράστιαι. Αἱ πληροφορίαι ἐκ τῶν περιοχῶν ἐκείνων εἶναι ἀκόμη ἐλλιπεῖς, ἀλλὰ φοβοῦνται ὅτι ὁ ἀριθμὸς τῶν θυμάτων θὰ αὐξηθῇ σημαντικῶς. Κατὰ τὰς τελευταίας πληροφορίας, ἑκατοντάδες χωρία ἔχουν καταστραφῆ ὁλοσχερῶς, ἐνῷ αἱ ἐπικοινωνίαι ἔχουν διακοπῆ. Ἡ κυβέρνησις ἀπέστειλεν ἀμέσως βοήθειαν εἰς τὰς πληγείσας περιοχάς καὶ ἐκάλεσε τὰς φίλας χώρας νὰ συνδράμουν εἰς τὸ ἔργον τῆς ἀνακουφίσεως τῶν πληγέντων.

ΙΚΑΝΟΠΟΙΗΤΙΚΑ ΤΑ ΠΡΩΤΑ ΑΠΟΤΕΛΕΣΜΑΤΑ ΤΩΝ ΤΗΛΕΠΙΚΟΙΝΩΝΙΑΚΩΝ ΠΕΙΡΑΜΑΤΩΝ ΜΕ ΤΑΣ ΧΑΛΚΙΝΑΣ ΒΕΛΟΝΑΣ ΕΙΣ ΤΟ ΔΙΑΣΤΗΜΑ

εἰς τὴν περιοχὴν τοῦ ἀνατολικοῦ Πακιστὰν καὶ αἱ ἀρχαὶ ἀναφέρουν ὅτι αἱ ζημίαι εἶναι τεράστιαι. Αἱ πληροφορίαι ἐκ τῶν περιοχῶν ἐκείνων εἶναι ἀκόμη ἐλλιπεῖς, ἀλλὰ φοβοῦνται ὅτι ὁ ἀριθμὸς τῶν θυμάτων θὰ αὐξηθῇ σημαντικῶς. Κατὰ τὰς τελευταίας πληροφορίας, ἑκατοντάδες χωρία ἔχουν καταστραφῆ ὁλοσχερῶς, ἐνῷ αἱ ἐπικοινωνίαι ἔχουν διακοπῆ. Ἡ κυβέρνησις ἀπέστειλεν ἀμέσως βοήθειαν εἰς τὰς πληγείσας περιοχάς καὶ ἐκάλεσε τὰς φίλας χώρας νὰ συνδράμουν εἰς τὸ ἔργον τῆς ἀνακουφίσεως τῶν πληγέντων.

εἰς τὴν περιοχὴν τοῦ ἀνατολικοῦ Πακιστὰν καὶ αἱ ἀρχαὶ ἀναφέρουν ὅτι αἱ ζημίαι εἶναι τεράστιαι. Αἱ πληροφορίαι ἐκ τῶν περιοχῶν ἐκείνων εἶναι ἀκόμη ἐλλιπεῖς, ἀλλὰ φοβοῦνται ὅτι ὁ ἀριθμὸς τῶν θυμάτων θὰ αὐξηθῇ σημαντικῶς. Κατὰ τὰς τελευταίας πληροφορίας, ἑκατοντάδες χωρία ἔχουν καταστραφῆ ὁλοσχερῶς, ἐνῷ αἱ ἐπικοινωνίαι ἔχουν διακοπῆ. Ἡ κυβέρνησις ἀπέστειλεν ἀμέσως βοήθειαν εἰς τὰς πληγείσας περιοχάς καὶ ἐκάλεσε τὰς φίλας χώρας νὰ συνδράμουν εἰς τὸ ἔργον τῆς ἀνακουφίσεως τῶν πληγέντων.

ΘΑ ΕΠΑΝΑΛΗΦΘΟΥΝ ΑΙ ΔΙΑΠΡΑΓΜΑΤΕΥΣΕΙΣ ΠΡΟΣ ΣΥΝΔΕΣΙΝ ΤΟΥ ΙΣΡΑΗΛ ΜΕΤΑ ΤΗΣ Ε.Κ.Α.

εἰς τὴν περιοχὴν τοῦ ἀνατολικοῦ Πακιστὰν καὶ αἱ ἀρχαὶ ἀναφέρουν ὅτι αἱ ζημίαι εἶναι τεράστιαι. Αἱ πληροφορίαι ἐκ τῶν περιοχῶν ἐκείνων εἶναι ἀκόμη ἐλλιπεῖς, ἀλλὰ φοβοῦνται ὅτι ὁ ἀριθμὸς τῶν θυμάτων θὰ αὐξηθῇ σημαντικῶς. Κατὰ τὰς τελευταίας πληροφορίας, ἑκατοντάδες χωρία ἔχουν καταστραφῆ ὁλοσχερῶς, ἐνῷ αἱ ἐπικοινωνίαι ἔχουν διακοπῆ. Ἡ κυβέρνησις ἀπέστειλεν ἀμέσως βοήθειαν εἰς τὰς πληγείσας περιοχάς καὶ ἐκάλεσε τὰς φίλας χώρας νὰ συνδράμουν εἰς τὸ ἔργον τῆς ἀνακουφίσεως τῶν πληγέντων.

εἰς τὴν περιοχὴν τοῦ ἀνατολικοῦ Πακιστὰν καὶ αἱ ἀρχαὶ ἀναφέρουν ὅτι αἱ ζημίαι εἶναι τεράστιαι. Αἱ πληροφορίαι ἐκ τῶν περιοχῶν ἐκείνων εἶναι ἀκόμη ἐλλιπεῖς, ἀλλὰ φοβοῦνται ὅτι ὁ ἀριθμὸς τῶν θυμάτων θὰ αὐξηθῇ σημαντικῶς. Κατὰ τὰς τελευταίας πληροφορίας, ἑκατοντάδες χωρία ἔχουν καταστραφῆ ὁλοσχερῶς, ἐνῷ αἱ ἐπικοινωνίαι ἔχουν διακοπῆ. Ἡ κυβέρνησις ἀπέστειλεν ἀμέσως βοήθειαν εἰς τὰς πληγείσας περιοχάς καὶ ἐκάλεσε τὰς φίλας χώρας νὰ συνδράμουν εἰς τὸ ἔργον τῆς ἀνακουφίσεως τῶν πληγέντων.

ΑΥΣΤΡΙΑΚΗ ΚΑΘΗΓΗΤΡΙΑ ΦΙΛΟΛΟΓΟΣ ΚΑΤΕΣΠΑΡΑΧΘΗ ΥΠΟ ΚΑΡΧΑΡΙΟΥ ΕΝΩ ΕΚΟΛΥΜΒΑ ΠΑΡΑ ΤΟ ΤΡΙΚΕΡΙ
Τό κῆτος τῆς ἐπετέθη παρὰ τὴν ἀκτὴν
καὶ τὴν παρέσυρεν εἰς τὰ ἀνοικτὰ
ἐνῷ μὲ τὸ αἷμα τῆς ἐβάφετο ἡ θάλασσα
ΙΧΝΗ ΤΟΥ ΠΤΩΜΑΤΟΣ ΤΗΣ ΔΕΝ ΑΝΕΥΡΕΘΗΣΑΝ

εἰς τὴν περιοχὴν τοῦ ἀνατολικοῦ Πακιστὰν καὶ αἱ ἀρχαὶ ἀναφέρουν ὅτι αἱ ζημίαι εἶναι τεράστιαι. Αἱ πληροφορίαι ἐκ τῶν περιοχῶν ἐκείνων εἶναι ἀκόμη ἐλλιπεῖς, ἀλλὰ φοβοῦνται ὅτι ὁ ἀριθμὸς τῶν θυμάτων θὰ αὐξηθῇ σημαντικῶς. Κατὰ τὰς τελευταίας πληροφορίας, ἑκατοντάδες χωρία ἔχουν καταστραφῆ ὁλοσχερῶς, ἐνῷ αἱ ἐπικοινωνίαι ἔχουν διακοπῆ. Ἡ κυβέρνησις ἀπέστειλεν ἀμέσως βοήθειαν εἰς τὰς πληγείσας περιοχάς καὶ ἐκάλεσε τὰς φίλας χώρας νὰ συνδράμουν εἰς τὸ ἔργον τῆς ἀνακουφίσεως τῶν πληγέντων.

ΒΟΛΟΣ, 1.— εἰς τὴν περιοχὴν τοῦ ἀνατολικοῦ Πακιστὰν καὶ αἱ ἀρχαὶ ἀναφέρουν ὅτι αἱ ζημίαι εἶναι τεράστιαι. Αἱ πληροφορίαι ἐκ τῶν περιοχῶν ἐκείνων εἶναι ἀκόμη ἐλλιπεῖς, ἀλλὰ φοβοῦνται ὅτι ὁ ἀριθμὸς τῶν θυμάτων θὰ αὐξηθῇ σημαντικῶς. Κατὰ τὰς τελευταίας πληροφορίας, ἑκατοντάδες χωρία ἔχουν καταστραφῆ ὁλοσχερῶς, ἐνῷ αἱ ἐπικοινωνίαι ἔχουν διακοπῆ. Ἡ κυβέρνησις ἀπέστειλεν ἀμέσως βοήθειαν εἰς τὰς πληγείσας περιοχάς καὶ ἐκάλεσε τὰς φίλας χώρας νὰ συνδράμουν εἰς τὸ ἔργον τῆς ἀνακουφίσεως τῶν πληγέντων.
